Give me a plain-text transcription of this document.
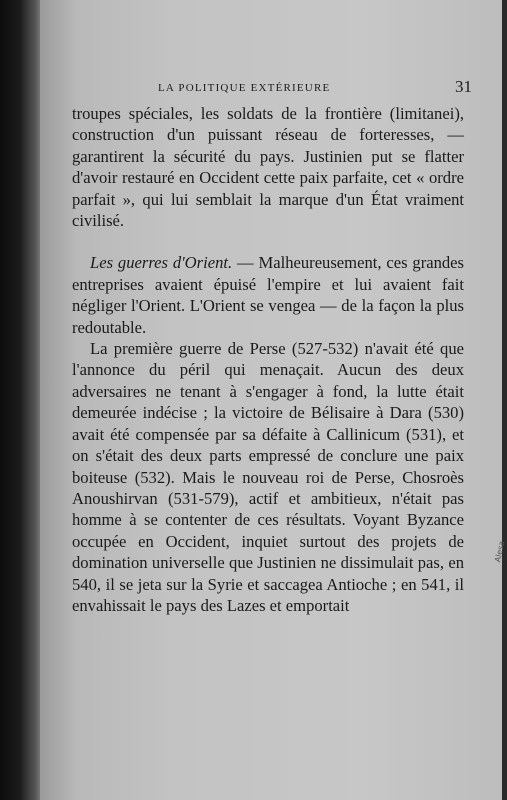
LA POLITIQUE EXTÉRIEURE	31

troupes spéciales, les soldats de la frontière (limitanei), construction d'un puissant réseau de forteresses, — garantirent la sécurité du pays. Justinien put se flatter d'avoir restauré en Occident cette paix parfaite, cet « ordre parfait », qui lui semblait la marque d'un État vraiment civilisé.

Les guerres d'Orient. — Malheureusement, ces grandes entreprises avaient épuisé l'empire et lui avaient fait négliger l'Orient. L'Orient se vengea — de la façon la plus redoutable.

La première guerre de Perse (527-532) n'avait été que l'annonce du péril qui menaçait. Aucun des deux adversaires ne tenant à s'engager à fond, la lutte était demeurée indécise ; la victoire de Bélisaire à Dara (530) avait été compensée par sa défaite à Callinicum (531), et on s'était des deux parts empressé de conclure une paix boiteuse (532). Mais le nouveau roi de Perse, Chosroès Anoushirvan (531-579), actif et ambitieux, n'était pas homme à se contenter de ces résultats. Voyant Byzance occupée en Occident, inquiet surtout des projets de domination universelle que Justinien ne dissimulait pas, en 540, il se jeta sur la Syrie et saccagea Antioche ; en 541, il envahissait le pays des Lazes et emportait

Alesa
